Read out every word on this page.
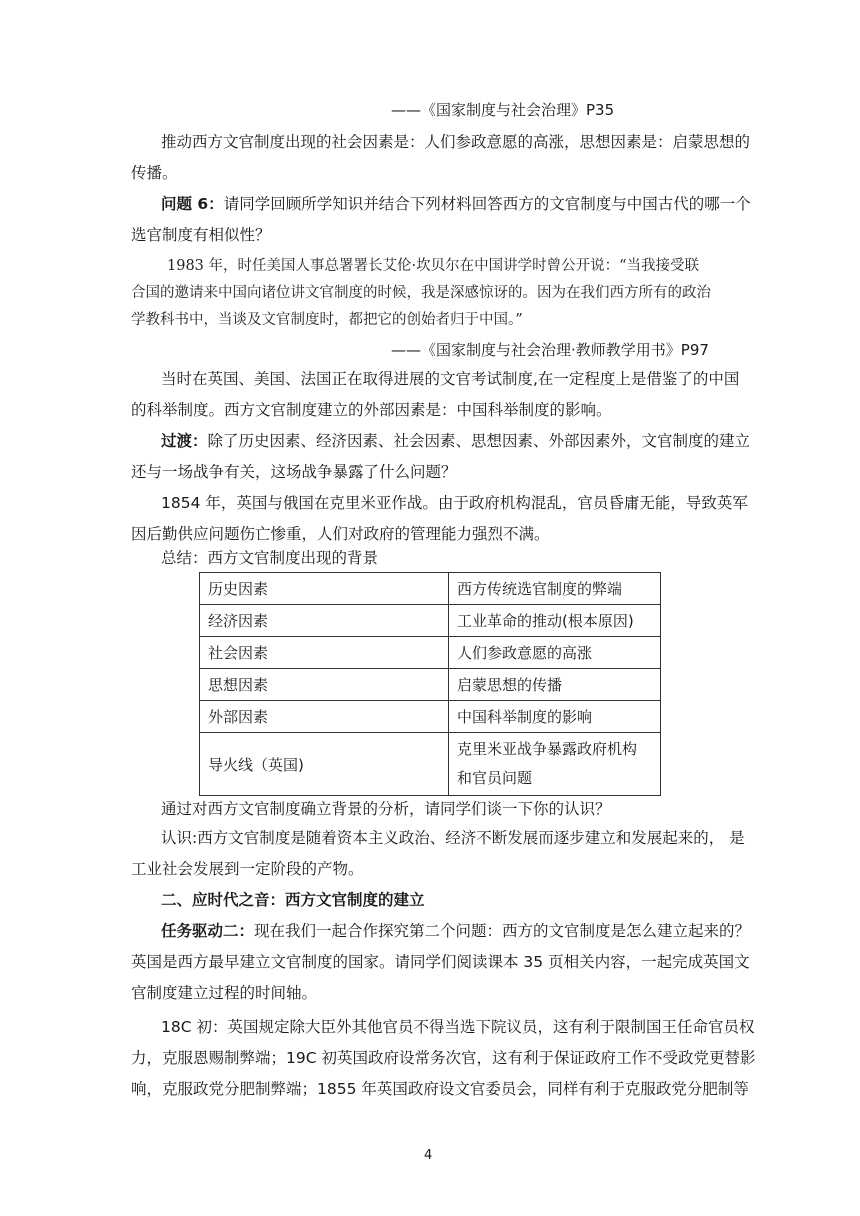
——《国家制度与社会治理》P35
推动西方文官制度出现的社会因素是：人们参政意愿的高涨，思想因素是：启蒙思想的
传播。
问题 6：请同学回顾所学知识并结合下列材料回答西方的文官制度与中国古代的哪一个
选官制度有相似性？
1983 年，时任美国人事总署署长艾伦·坎贝尔在中国讲学时曾公开说：“当我接受联
合国的邀请来中国向诸位讲文官制度的时候，我是深感惊讶的。因为在我们西方所有的政治
学教科书中，当谈及文官制度时，都把它的创始者归于中国。”
——《国家制度与社会治理·教师教学用书》P97
当时在英国、美国、法国正在取得进展的文官考试制度,在一定程度上是借鉴了的中国
的科举制度。西方文官制度建立的外部因素是：中国科举制度的影响。
过渡：除了历史因素、经济因素、社会因素、思想因素、外部因素外，文官制度的建立
还与一场战争有关，这场战争暴露了什么问题？
1854 年，英国与俄国在克里米亚作战。由于政府机构混乱，官员昏庸无能，导致英军
因后勤供应问题伤亡惨重，人们对政府的管理能力强烈不满。
总结：西方文官制度出现的背景
历史因素	西方传统选官制度的弊端
经济因素	工业革命的推动(根本原因)
社会因素	人们参政意愿的高涨
思想因素	启蒙思想的传播
外部因素	中国科举制度的影响
导火线（英国)	克里米亚战争暴露政府机构
和官员问题
通过对西方文官制度确立背景的分析，请同学们谈一下你的认识？
认识:西方文官制度是随着资本主义政治、经济不断发展而逐步建立和发展起来的， 是
工业社会发展到一定阶段的产物。
二、应时代之音：西方文官制度的建立
任务驱动二：现在我们一起合作探究第二个问题：西方的文官制度是怎么建立起来的？
英国是西方最早建立文官制度的国家。请同学们阅读课本 35 页相关内容，一起完成英国文
官制度建立过程的时间轴。
18C 初：英国规定除大臣外其他官员不得当选下院议员，这有利于限制国王任命官员权
力，克服恩赐制弊端；19C 初英国政府设常务次官，这有利于保证政府工作不受政党更替影
响，克服政党分肥制弊端；1855 年英国政府设文官委员会，同样有利于克服政党分肥制等
4
